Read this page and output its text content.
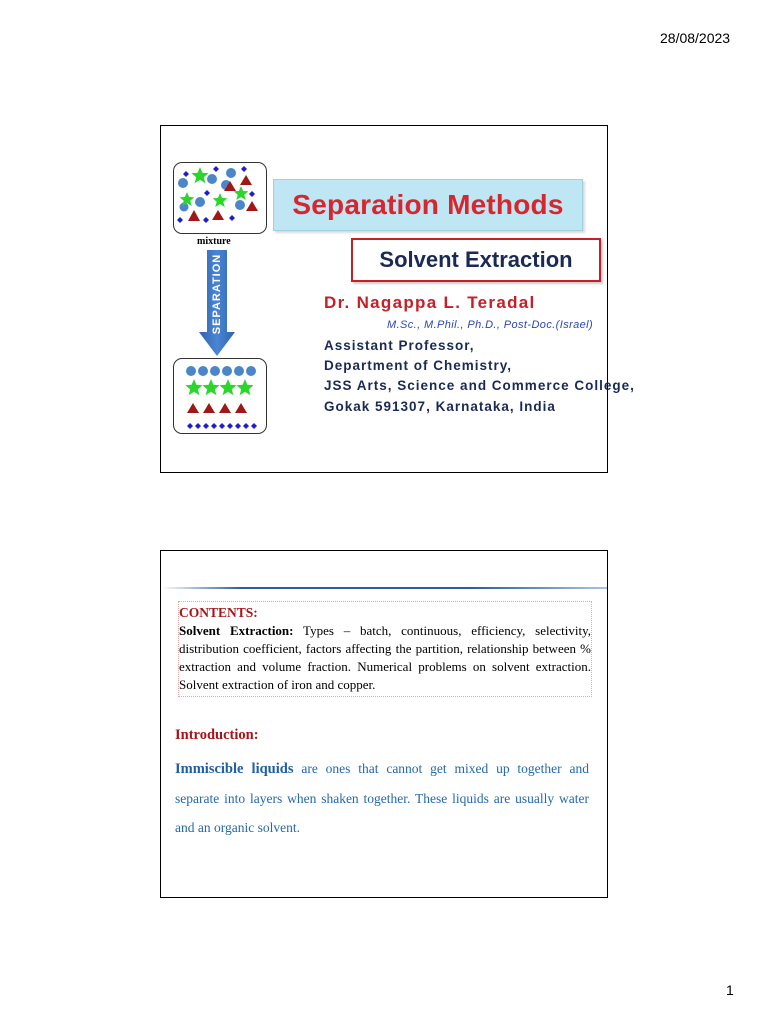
28/08/2023
mixture
SEPARATION
Separation Methods
Solvent Extraction
Dr. Nagappa L. Teradal
M.Sc., M.Phil., Ph.D., Post-Doc.(Israel)
Assistant Professor,
Department of Chemistry,
JSS Arts, Science and Commerce College,
Gokak 591307, Karnataka, India
CONTENTS:
Solvent Extraction: Types – batch, continuous, efficiency, selectivity, distribution coefficient, factors affecting the partition, relationship between % extraction and volume fraction. Numerical problems on solvent extraction. Solvent extraction of iron and copper.
Introduction:
Immiscible liquids are ones that cannot get mixed up together and separate into layers when shaken together. These liquids are usually water and an organic solvent.
1
